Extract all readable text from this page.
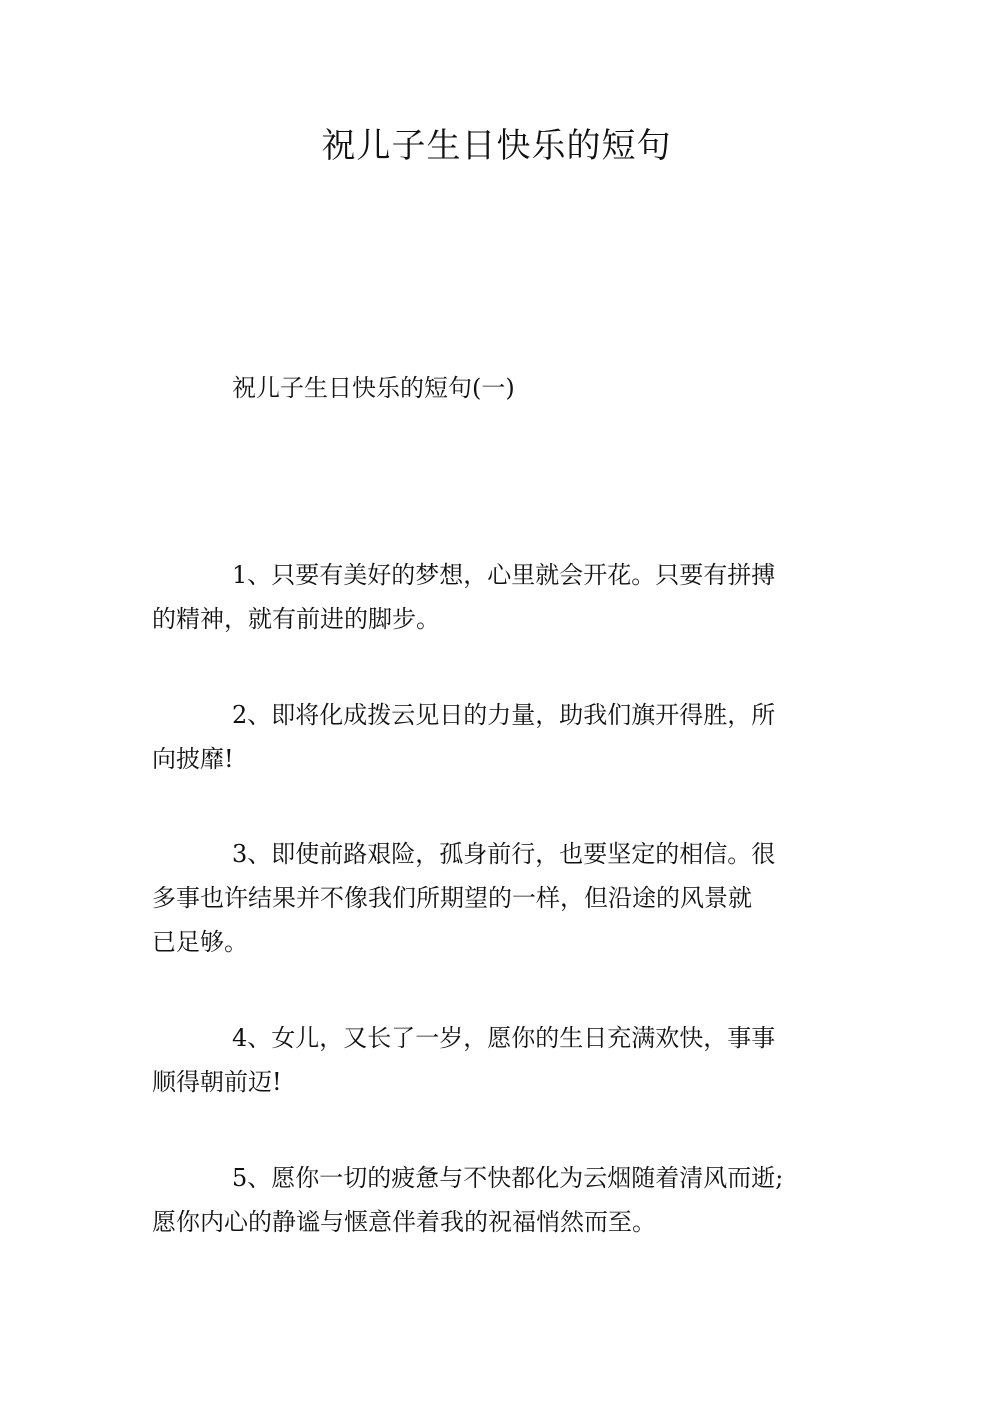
祝儿子生日快乐的短句

祝儿子生日快乐的短句(一)

1、只要有美好的梦想，心里就会开花。只要有拼搏
的精神，就有前进的脚步。

2、即将化成拨云见日的力量，助我们旗开得胜，所
向披靡!

3、即使前路艰险，孤身前行，也要坚定的相信。很
多事也许结果并不像我们所期望的一样，但沿途的风景就
已足够。

4、女儿，又长了一岁，愿你的生日充满欢快，事事
顺得朝前迈!

5、愿你一切的疲惫与不快都化为云烟随着清风而逝;
愿你内心的静谧与惬意伴着我的祝福悄然而至。
